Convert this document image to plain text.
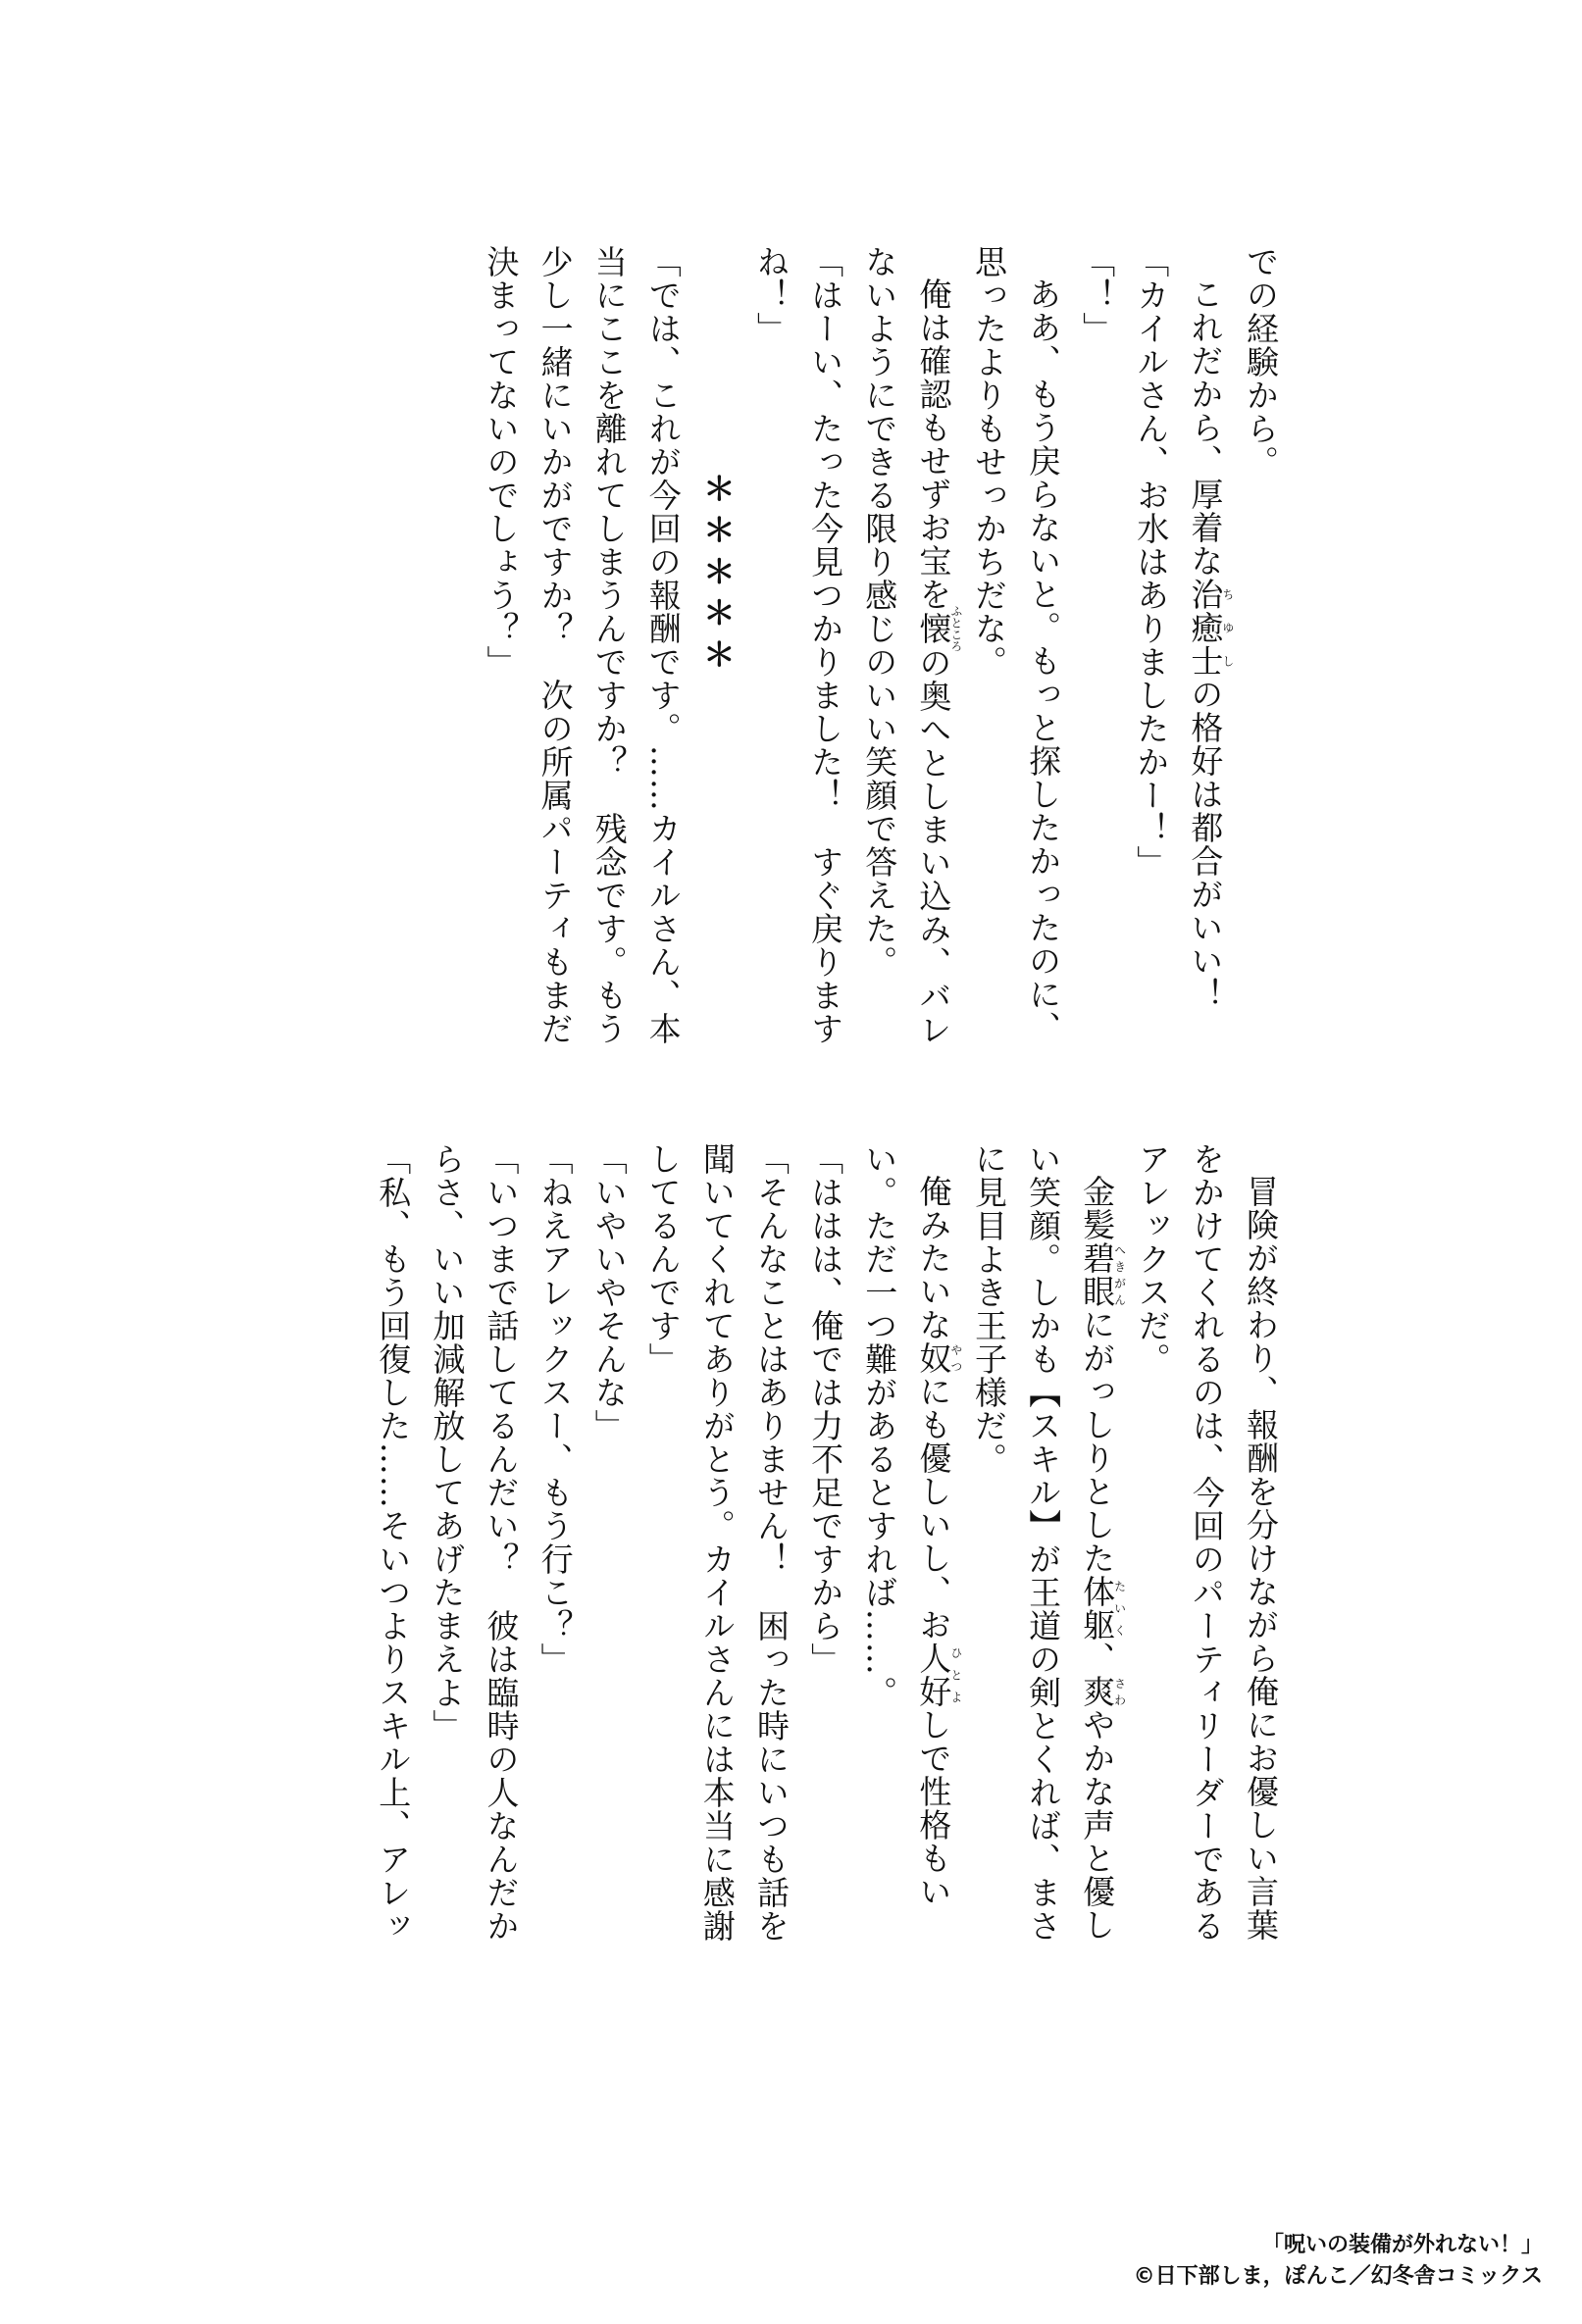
での経験から。

これだから、厚着な治癒士ちゆしの格好は都合がいい！

「カイルさん、お水はありましたかー！」

「！」

ああ、もう戻らないと。もっと探したかったのに、思ったよりもせっかちだな。

俺は確認もせずお宝を懐ふところの奥へとしまい込み、バレないようにできる限り感じのいい笑顔で答えた。

「はーい、たった今見つかりました！　すぐ戻りますね！」

＊＊＊＊＊

「では、これが今回の報酬です。……カイルさん、本当にここを離れてしまうんですか？　残念です。もう少し一緒にいかがですか？　次の所属パーティもまだ決まってないのでしょう？」

冒険が終わり、報酬を分けながら俺にお優しい言葉をかけてくれるのは、今回のパーティリーダーであるアレックスだ。

金髪碧眼へきがんにがっしりとした体躯たいく、爽さわやかな声と優しい笑顔。しかも【スキル】が王道の剣とくれば、まさに見目よき王子様だ。

俺みたいな奴やつにも優しいし、お人好ひとよしで性格もいい。ただ一つ難があるとすれば……。

「ははは、俺では力不足ですから」

「そんなことはありません！　困った時にいつも話を聞いてくれてありがとう。カイルさんには本当に感謝してるんです」

「いやいやそんな」

「ねえアレックスー、もう行こ？」

「いつまで話してるんだい？　彼は臨時の人なんだからさ、いい加減解放してあげたまえよ」

「私、もう回復した……そいつよりスキル上、アレッ

「呪いの装備が外れない！」
©日下部しま，ぽんこ／幻冬舎コミックス
